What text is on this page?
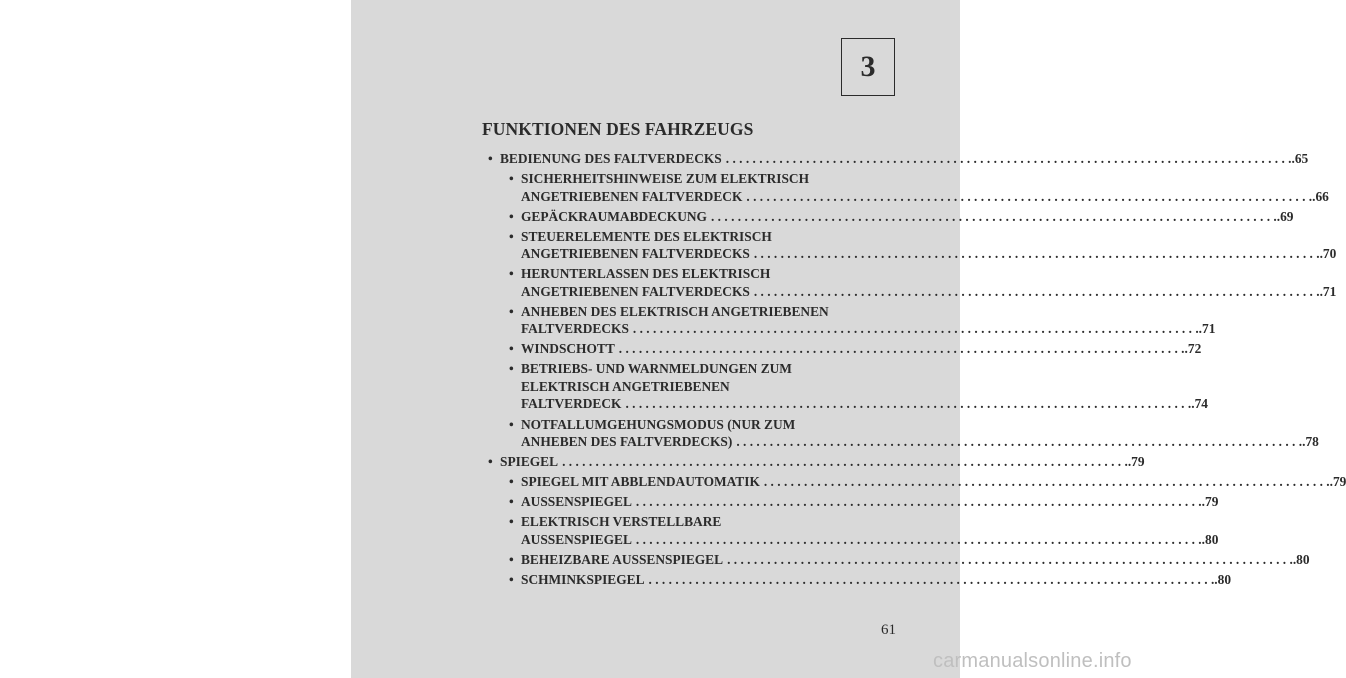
3
FUNKTIONEN DES FAHRZEUGS
• BEDIENUNG DES FALTVERDECKS . . .	.65
• SICHERHEITSHINWEISE ZUM ELEKTRISCH
ANGETRIEBENEN FALTVERDECK . . .	.66
• GEPÄCKRAUMABDECKUNG . . .	.69
• STEUERELEMENTE DES ELEKTRISCH
ANGETRIEBENEN FALTVERDECKS . . .	.70
• HERUNTERLASSEN DES ELEKTRISCH
ANGETRIEBENEN FALTVERDECKS . . .	.71
• ANHEBEN DES ELEKTRISCH ANGETRIEBENEN
FALTVERDECKS . . .	.71
• WINDSCHOTT . . .	.72
• BETRIEBS- UND WARNMELDUNGEN ZUM
ELEKTRISCH ANGETRIEBENEN
FALTVERDECK . . .	.74
• NOTFALLUMGEHUNGSMODUS (NUR ZUM
ANHEBEN DES FALTVERDECKS) . . .	.78
• SPIEGEL . . .	.79
• SPIEGEL MIT ABBLENDAUTOMATIK . . .	.79
• AUSSENSPIEGEL . . .	.79
• ELEKTRISCH VERSTELLBARE
AUSSENSPIEGEL . . .	.80
• BEHEIZBARE AUSSENSPIEGEL . . .	.80
• SCHMINKSPIEGEL . . .	.80
61
carmanualsonline.info
